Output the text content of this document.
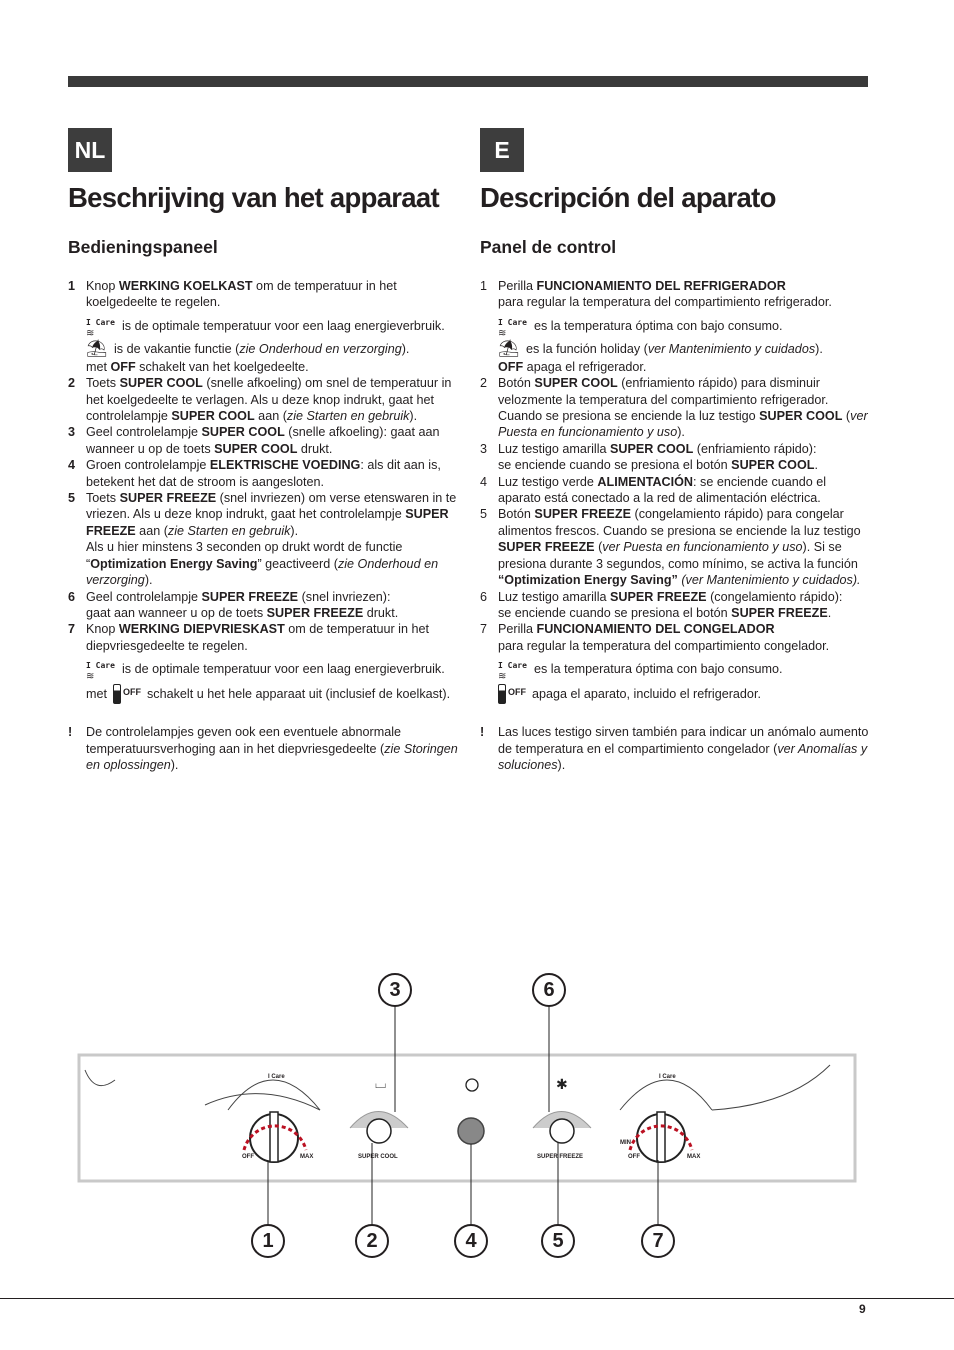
NL
Beschrijving van het apparaat
Bedieningspaneel
1 Knop WERKING KOELKAST om de temperatuur in het koelgedeelte te regelen.
I Care
≋
is de optimale temperatuur voor een laag energieverbruik.
⛱ is de vakantie functie (zie Onderhoud en verzorging).
met OFF schakelt van het koelgedeelte.
2 Toets SUPER COOL (snelle afkoeling) om snel de temperatuur in het koelgedeelte te verlagen. Als u deze knop indrukt, gaat het controlelampje SUPER COOL aan (zie Starten en gebruik).
3 Geel controlelampje SUPER COOL (snelle afkoeling): gaat aan wanneer u op de toets SUPER COOL drukt.
4 Groen controlelampje ELEKTRISCHE VOEDING: als dit aan is, betekent het dat de stroom is aangesloten.
5 Toets SUPER FREEZE (snel invriezen) om verse etenswaren in te vriezen. Als u deze knop indrukt, gaat het controlelampje SUPER FREEZE aan (zie Starten en gebruik).
Als u hier minstens 3 seconden op drukt wordt de functie “Optimization Energy Saving” geactiveerd (zie Onderhoud en verzorging).
6 Geel controlelampje SUPER FREEZE (snel invriezen):
gaat aan wanneer u op de toets SUPER FREEZE drukt.
7 Knop WERKING DIEPVRIESKAST om de temperatuur in het diepvriesgedeelte te regelen.
I Care
≋
is de optimale temperatuur voor een laag energieverbruik.
met OFF schakelt u het hele apparaat uit (inclusief de koelkast).
! De controlelampjes geven ook een eventuele abnormale temperatuursverhoging aan in het diepvriesgedeelte (zie Storingen en oplossingen).
E
Descripción del aparato
Panel de control
1 Perilla FUNCIONAMIENTO DEL REFRIGERADOR
para regular la temperatura del compartimiento refrigerador.
I Care
≋
es la temperatura óptima con bajo consumo.
⛱ es la función holiday (ver Mantenimiento y cuidados).
OFF apaga el refrigerador.
2 Botón SUPER COOL (enfriamiento rápido) para disminuir velozmente la temperatura del compartimiento refrigerador. Cuando se presiona se enciende la luz testigo SUPER COOL (ver Puesta en funcionamiento y uso).
3 Luz testigo amarilla SUPER COOL (enfriamiento rápido):
se enciende cuando se presiona el botón SUPER COOL.
4 Luz testigo verde ALIMENTACIÓN: se enciende cuando el aparato está conectado a la red de alimentación eléctrica.
5 Botón SUPER FREEZE (congelamiento rápido) para congelar alimentos frescos. Cuando se presiona se enciende la luz testigo SUPER FREEZE (ver Puesta en funcionamiento y uso). Si se presiona durante 3 segundos, como mínimo, se activa la función “Optimization Energy Saving” (ver Mantenimiento y cuidados).
6 Luz testigo amarilla SUPER FREEZE (congelamiento rápido):
se enciende cuando se presiona el botón SUPER FREEZE.
7 Perilla FUNCIONAMIENTO DEL CONGELADOR
para regular la temperatura del compartimiento congelador.
I Care
≋
es la temperatura óptima con bajo consumo.
OFF apaga el aparato, incluido el refrigerador.
! Las luces testigo sirven también para indicar un anómalo aumento de temperatura en el compartimiento congelador (ver Anomalías y soluciones).
⌴	✱
OFF	MAX	SUPER COOL	SUPER FREEZE
MIN
OFF	MAX
I Care	I Care
3	6
1	2	4	5	7
9
